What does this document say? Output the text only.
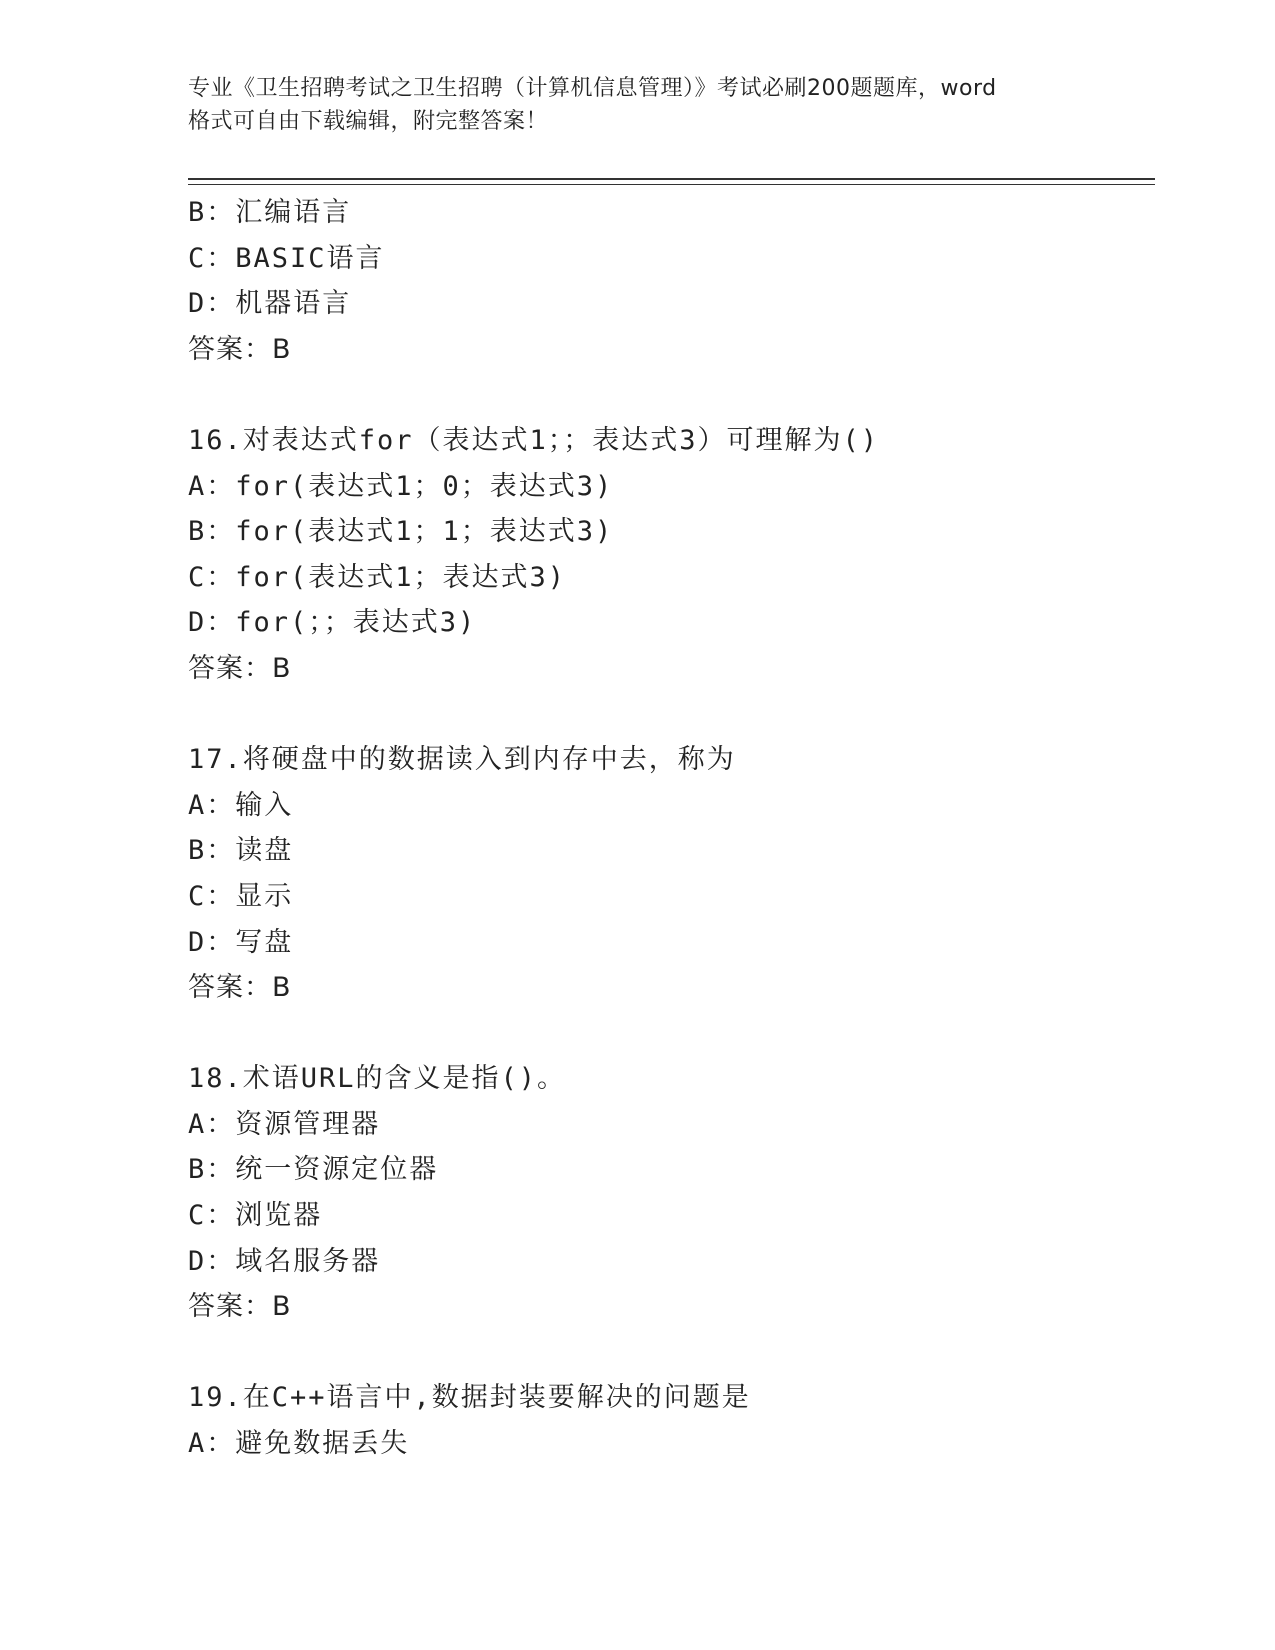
专业《卫生招聘考试之卫生招聘（计算机信息管理）》考试必刷200题题库，word
格式可自由下载编辑，附完整答案！
B：汇编语言
C：BASIC语言
D：机器语言
答案：B
16.对表达式for（表达式1；；表达式3）可理解为()
A：for(表达式1；0；表达式3)
B：for(表达式1；1；表达式3)
C：for(表达式1；表达式3)
D：for(；；表达式3)
答案：B
17.将硬盘中的数据读入到内存中去，称为
A：输入
B：读盘
C：显示
D：写盘
答案：B
18.术语URL的含义是指()。
A：资源管理器
B：统一资源定位器
C：浏览器
D：域名服务器
答案：B
19.在C++语言中,数据封装要解决的问题是
A：避免数据丢失
